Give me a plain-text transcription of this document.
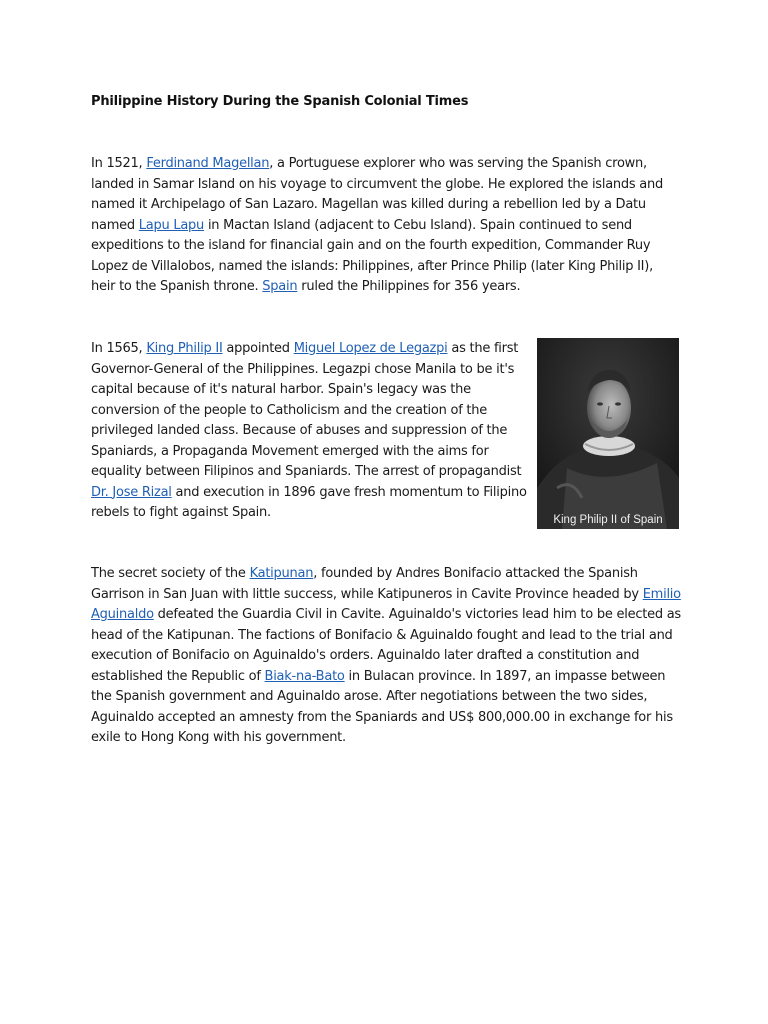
Philippine History During the Spanish Colonial Times
In 1521, Ferdinand Magellan, a Portuguese explorer who was serving the Spanish crown, landed in Samar Island on his voyage to circumvent the globe. He explored the islands and named it Archipelago of San Lazaro. Magellan was killed during a rebellion led by a Datu named Lapu Lapu in Mactan Island (adjacent to Cebu Island). Spain continued to send expeditions to the island for financial gain and on the fourth expedition, Commander Ruy Lopez de Villalobos, named the islands: Philippines, after Prince Philip (later King Philip II), heir to the Spanish throne. Spain ruled the Philippines for 356 years.
In 1565, King Philip II appointed Miguel Lopez de Legazpi as the first Governor-General of the Philippines. Legazpi chose Manila to be it's capital because of it's natural harbor. Spain's legacy was the conversion of the people to Catholicism and the creation of the privileged landed class. Because of abuses and suppression of the Spaniards, a Propaganda Movement emerged with the aims for equality between Filipinos and Spaniards. The arrest of propagandist Dr. Jose Rizal and execution in 1896 gave fresh momentum to Filipino rebels to fight against Spain.	King Philip II of Spain
The secret society of the Katipunan, founded by Andres Bonifacio attacked the Spanish Garrison in San Juan with little success, while Katipuneros in Cavite Province headed by Emilio Aguinaldo defeated the Guardia Civil in Cavite. Aguinaldo's victories lead him to be elected as head of the Katipunan. The factions of Bonifacio & Aguinaldo fought and lead to the trial and execution of Bonifacio on Aguinaldo's orders. Aguinaldo later drafted a constitution and established the Republic of Biak-na-Bato in Bulacan province. In 1897, an impasse between the Spanish government and Aguinaldo arose. After negotiations between the two sides, Aguinaldo accepted an amnesty from the Spaniards and US$ 800,000.00 in exchange for his exile to Hong Kong with his government.
